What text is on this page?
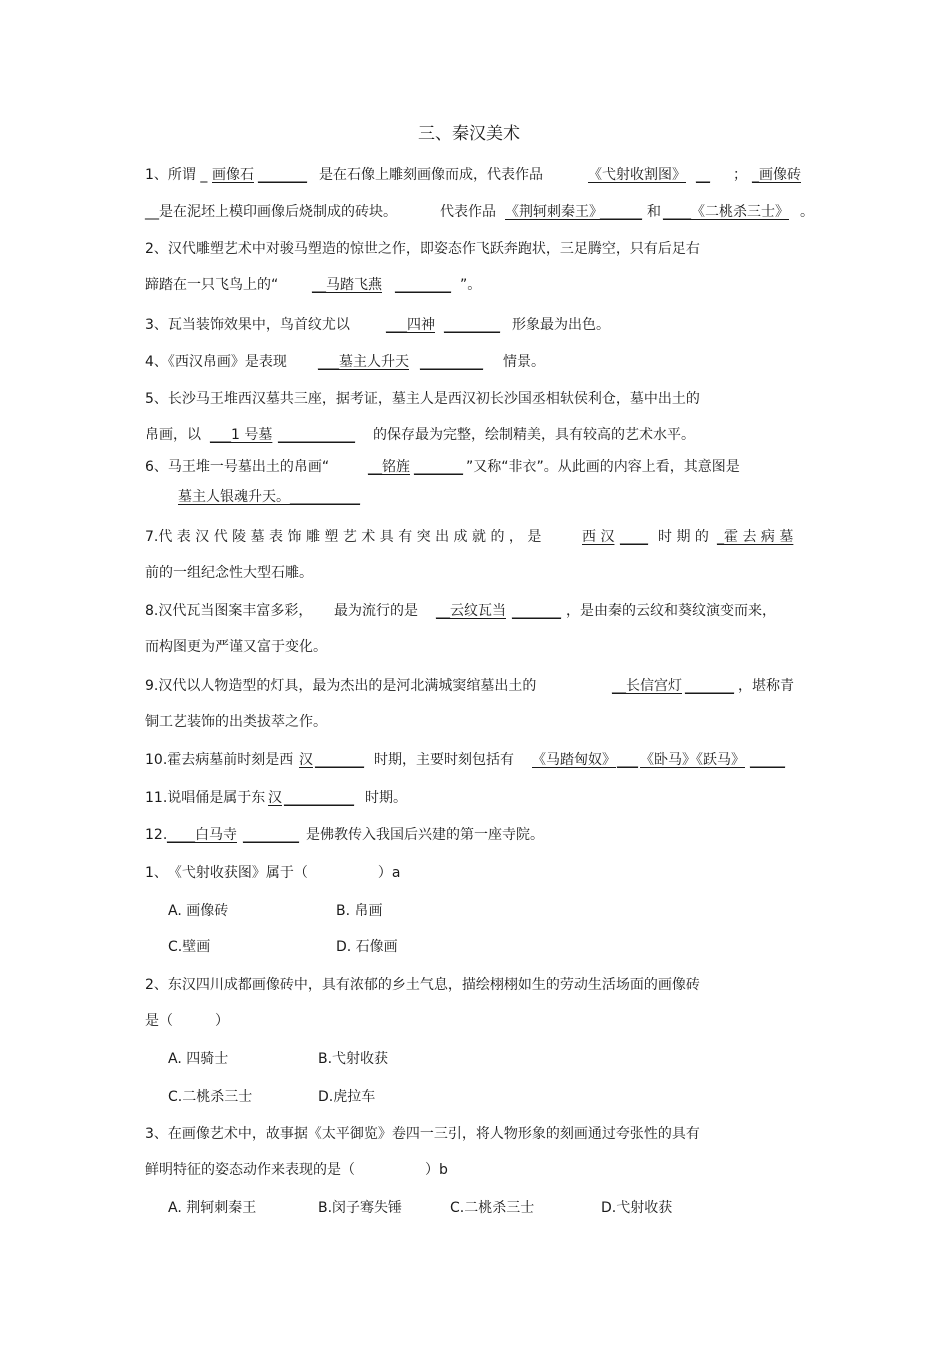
三、秦汉美术
1、所谓 _ 画像石 _______ 是在石像上雕刻画像而成，代表作品	《弋射收割图》 __ ； _画像砖
__是在泥坯上模印画像后烧制成的砖块。	代表作品 《荆轲刺秦王》
______ 和 ____《二桃杀三士》 。
2、汉代雕塑艺术中对骏马塑造的惊世之作，即姿态作飞跃奔跑状，三足腾空，只有后足右
蹄踏在一只飞鸟上的“ __马踏飞燕 ________ ”。
3、瓦当装饰效果中，鸟首纹尤以	___四神 ________ 形象最为出色。
4、《西汉帛画》是表现 ___墓主人升天 _________ 情景。
5、长沙马王堆西汉墓共三座，据考证，墓主人是西汉初长沙国丞相轪侯利仓，墓中出土的
帛画，以 ___1 号墓 ___________ 的保存最为完整，绘制精美，具有较高的艺术水平。
6、马王堆一号墓出土的帛画“	__铭旌 _______ ”又称“非衣”。从此画的内容上看，其意图是
墓主人银魂升天。 __________
7.代 表 汉 代 陵 墓 表 饰 雕 塑 艺 术 具 有 突 出 成 就 的 ， 是	西 汉 ____ 时 期 的 _霍 去 病 墓
前的一组纪念性大型石雕。
8.汉代瓦当图案丰富多彩， 最为流行的是 __云纹瓦当 _______ ，是由秦的云纹和葵纹演变而来，
而构图更为严谨又富于变化。
9.汉代以人物造型的灯具，最为杰出的是河北满城窦绾墓出土的	__长信宫灯 _______ ，堪称青
铜工艺装饰的出类拔萃之作。
10.霍去病墓前时刻是西 汉 _______ 时期，主要时刻包括有 《马踏匈奴》 ___ 《卧马》《跃马》 _____
11.说唱俑是属于东 汉 __________ 时期。
12. ____白马寺 ________ 是佛教传入我国后兴建的第一座寺院。
1、　《弋射收获图》属于（　　　　　）a
A. 画像砖	B. 帛画
C.壁画	D. 石像画
2、东汉四川成都画像砖中，具有浓郁的乡土气息，描绘栩栩如生的劳动生活场面的画像砖
是（　　　）
A. 四骑士	B.弋射收获
C.二桃杀三士	D.虎拉车
3、在画像艺术中，故事据《太平御览》卷四一三引，将人物形象的刻画通过夸张性的具有
鲜明特征的姿态动作来表现的是（　　　　　）b
A. 荆轲刺秦王	B.闵子骞失锤	C.二桃杀三士	D.弋射收获
